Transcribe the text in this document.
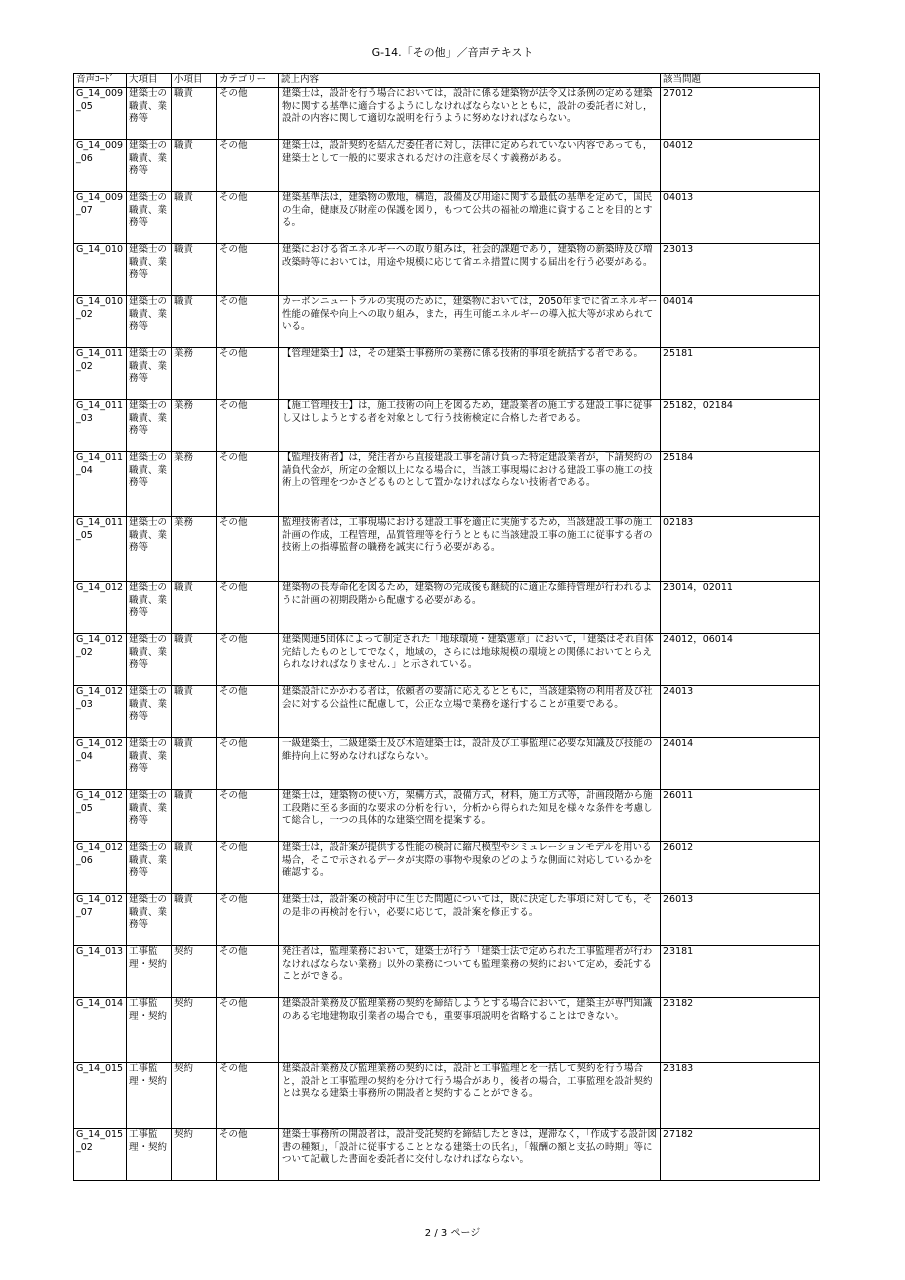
G-14.「その他」／音声テキスト
音声ｺｰﾄﾞ	大項目	小項目	カテゴリー	読上内容	該当問題
G_14_009_05	建築士の職責、業務等	職責	その他	建築士は，設計を行う場合においては，設計に係る建築物が法令又は条例の定める建築物に関する基準に適合するようにしなければならないとともに，設計の委託者に対し，設計の内容に関して適切な説明を行うように努めなければならない。	27012
G_14_009_06	建築士の職責、業務等	職責	その他	建築士は，設計契約を結んだ委任者に対し，法律に定められていない内容であっても，建築士として一般的に要求されるだけの注意を尽くす義務がある。	04012
G_14_009_07	建築士の職責、業務等	職責	その他	建築基準法は，建築物の敷地，構造，設備及び用途に関する最低の基準を定めて，国民の生命，健康及び財産の保護を図り，もつて公共の福祉の増進に資することを目的とする。	04013
G_14_010	建築士の職責、業務等	職責	その他	建築における省エネルギーへの取り組みは，社会的課題であり，建築物の新築時及び増改築時等においては，用途や規模に応じて省エネ措置に関する届出を行う必要がある。	23013
G_14_010_02	建築士の職責、業務等	職責	その他	カーボンニュートラルの実現のために，建築物においては，2050年までに省エネルギー性能の確保や向上への取り組み，また，再生可能エネルギーの導入拡大等が求められている。	04014
G_14_011_02	建築士の職責、業務等	業務	その他	【管理建築士】は，その建築士事務所の業務に係る技術的事項を統括する者である。	25181
G_14_011_03	建築士の職責、業務等	業務	その他	【施工管理技士】は，施工技術の向上を図るため，建設業者の施工する建設工事に従事し又はしようとする者を対象として行う技術検定に合格した者である。	25182，02184
G_14_011_04	建築士の職責、業務等	業務	その他	【監理技術者】は，発注者から直接建設工事を請け負った特定建設業者が，下請契約の請負代金が，所定の金額以上になる場合に，当該工事現場における建設工事の施工の技術上の管理をつかさどるものとして置かなければならない技術者である。	25184
G_14_011_05	建築士の職責、業務等	業務	その他	監理技術者は，工事現場における建設工事を適正に実施するため，当該建設工事の施工計画の作成，工程管理，品質管理等を行うとともに当該建設工事の施工に従事する者の技術上の指導監督の職務を誠実に行う必要がある。	02183
G_14_012	建築士の職責、業務等	職責	その他	建築物の長寿命化を図るため，建築物の完成後も継続的に適正な維持管理が行われるように計画の初期段階から配慮する必要がある。	23014，02011
G_14_012_02	建築士の職責、業務等	職責	その他	建築関連5団体によって制定された「地球環境・建築憲章」において，「建築はそれ自体完結したものとしてでなく，地域の，さらには地球規模の環境との関係においてとらえられなければなりません．」と示されている。	24012，06014
G_14_012_03	建築士の職責、業務等	職責	その他	建築設計にかかわる者は，依頼者の要請に応えるとともに，当該建築物の利用者及び社会に対する公益性に配慮して，公正な立場で業務を遂行することが重要である。	24013
G_14_012_04	建築士の職責、業務等	職責	その他	一級建築士，二級建築士及び木造建築士は，設計及び工事監理に必要な知識及び技能の維持向上に努めなければならない。	24014
G_14_012_05	建築士の職責、業務等	職責	その他	建築士は，建築物の使い方，架構方式，設備方式，材料，施工方式等，計画段階から施工段階に至る多面的な要求の分析を行い，分析から得られた知見を様々な条件を考慮して総合し，一つの具体的な建築空間を提案する。	26011
G_14_012_06	建築士の職責、業務等	職責	その他	建築士は，設計案が提供する性能の検討に縮尺模型やシミュレーションモデルを用いる場合，そこで示されるデータが実際の事物や現象のどのような側面に対応しているかを確認する。	26012
G_14_012_07	建築士の職責、業務等	職責	その他	建築士は，設計案の検討中に生じた問題については，既に決定した事項に対しても，その是非の再検討を行い，必要に応じて，設計案を修正する。	26013
G_14_013	工事監理・契約	契約	その他	発注者は，監理業務において，建築士が行う「建築士法で定められた工事監理者が行わなければならない業務」以外の業務についても監理業務の契約において定め，委託することができる。	23181
G_14_014	工事監理・契約	契約	その他	建築設計業務及び監理業務の契約を締結しようとする場合において，建築主が専門知識のある宅地建物取引業者の場合でも，重要事項説明を省略することはできない。	23182
G_14_015	工事監理・契約	契約	その他	建築設計業務及び監理業務の契約には，設計と工事監理とを一括して契約を行う場合と，設計と工事監理の契約を分けて行う場合があり，後者の場合，工事監理を設計契約とは異なる建築士事務所の開設者と契約することができる。	23183
G_14_015_02	工事監理・契約	契約	その他	建築士事務所の開設者は，設計受託契約を締結したときは，遅滞なく，「作成する設計図書の種類」，「設計に従事することとなる建築士の氏名」，「報酬の額と支払の時期」等について記載した書面を委託者に交付しなければならない。	27182
2 / 3 ページ
